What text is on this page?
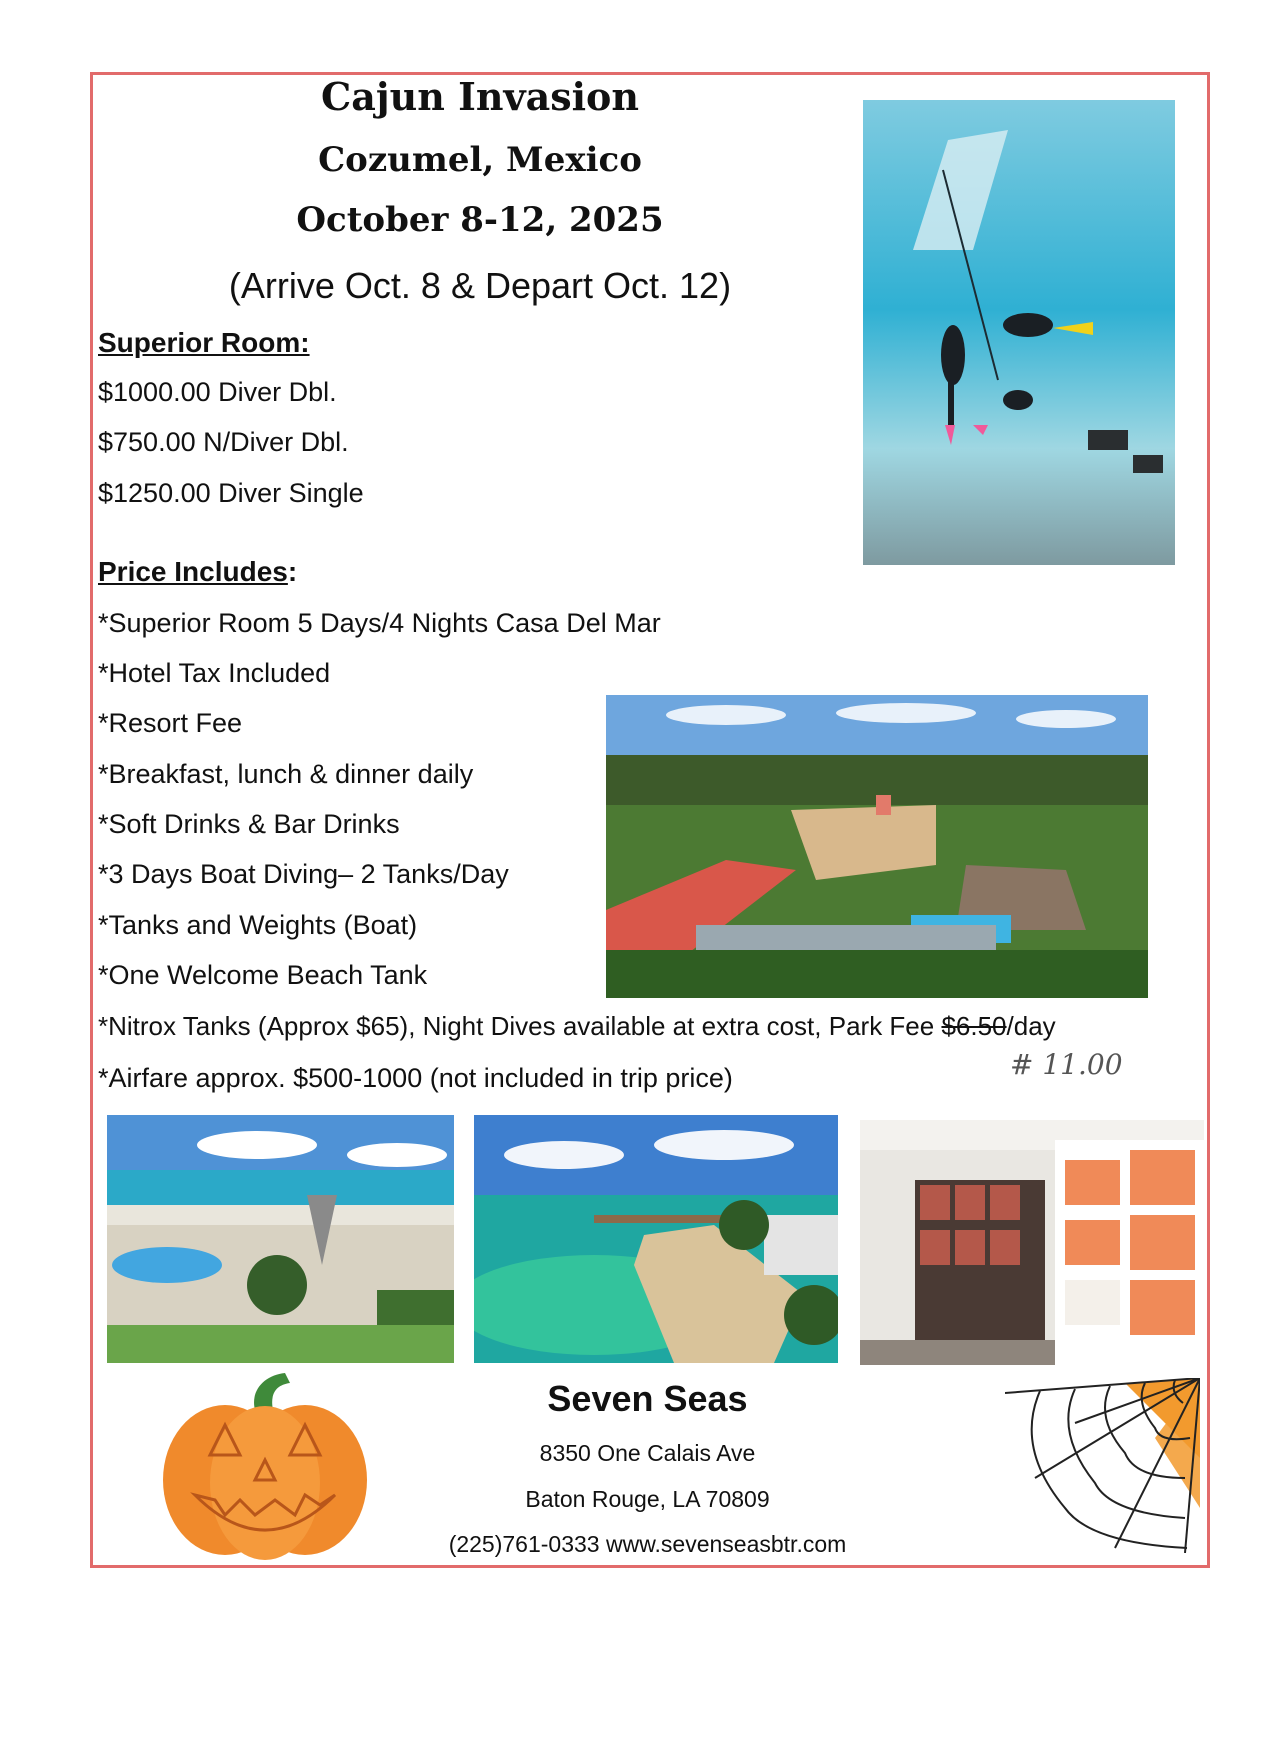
Cajun Invasion
Cozumel, Mexico
October 8-12, 2025
(Arrive Oct. 8 & Depart Oct. 12)
Superior Room:
$1000.00 Diver Dbl.
$750.00 N/Diver Dbl.
$1250.00 Diver Single
Price Includes:
*Superior Room 5 Days/4 Nights Casa Del Mar
*Hotel Tax Included
*Resort Fee
*Breakfast, lunch & dinner daily
*Soft Drinks & Bar Drinks
*3 Days Boat Diving– 2 Tanks/Day
*Tanks and Weights (Boat)
*One Welcome Beach Tank
*Nitrox Tanks (Approx $65), Night Dives available at extra cost, Park Fee $6.50/day
# 11.00
*Airfare approx. $500-1000 (not included in trip price)
Seven Seas
8350 One Calais Ave
Baton Rouge, LA 70809
(225)761-0333 www.sevenseasbtr.com
